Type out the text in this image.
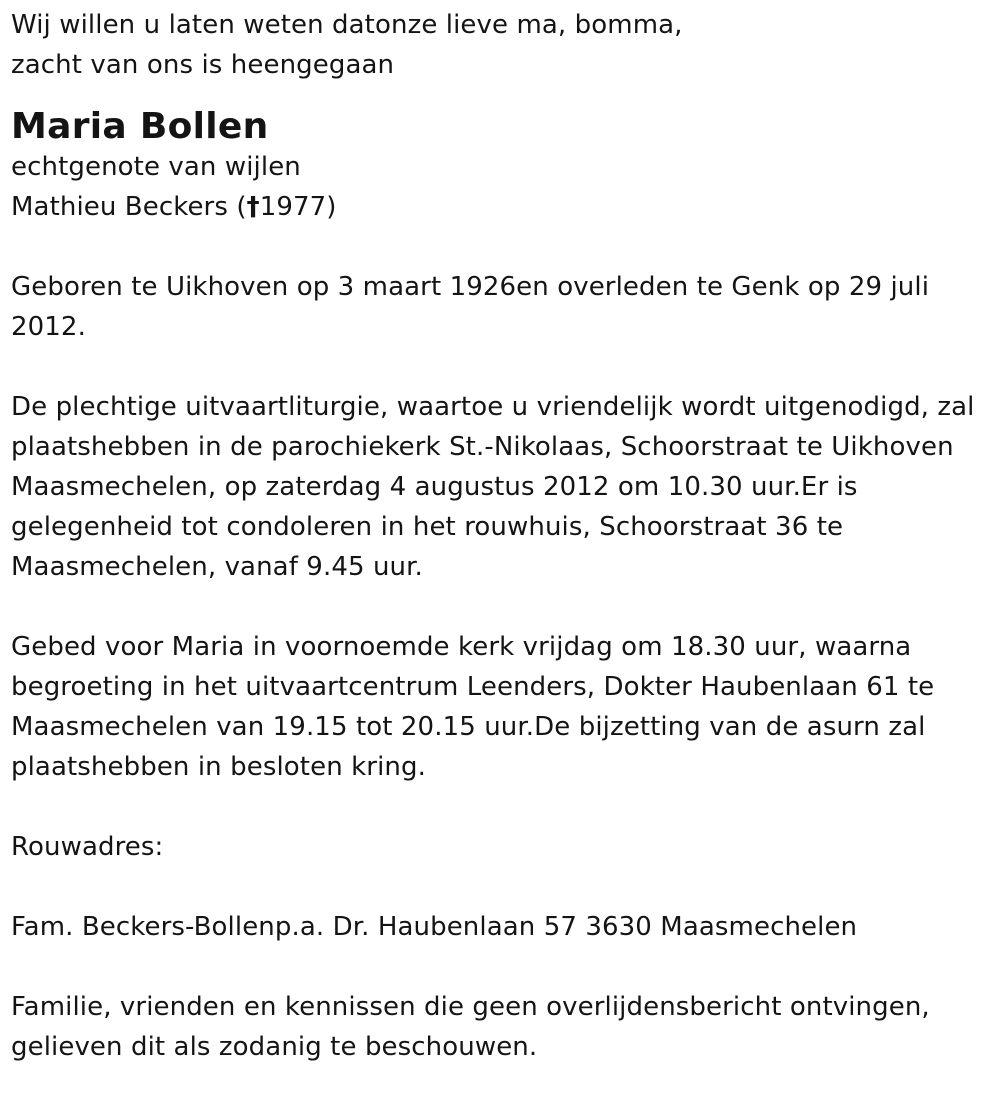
Wij willen u laten weten datonze lieve ma, bomma,

zacht van ons is heengegaan

Maria Bollen

echtgenote van wijlen

Mathieu Beckers (†1977)

Geboren te Uikhoven op 3 maart 1926en overleden te Genk op 29 juli
2012.

De plechtige uitvaartliturgie, waartoe u vriendelijk wordt uitgenodigd, zal
plaatshebben in de parochiekerk St.-Nikolaas, Schoorstraat te Uikhoven
Maasmechelen, op zaterdag 4 augustus 2012 om 10.30 uur.Er is
gelegenheid tot condoleren in het rouwhuis, Schoorstraat 36 te
Maasmechelen, vanaf 9.45 uur.

Gebed voor Maria in voornoemde kerk vrijdag om 18.30 uur, waarna
begroeting in het uitvaartcentrum Leenders, Dokter Haubenlaan 61 te
Maasmechelen van 19.15 tot 20.15 uur.De bijzetting van de asurn zal
plaatshebben in besloten kring.

Rouwadres:

Fam. Beckers-Bollenp.a. Dr. Haubenlaan 57 3630 Maasmechelen

Familie, vrienden en kennissen die geen overlijdensbericht ontvingen,
gelieven dit als zodanig te beschouwen.
